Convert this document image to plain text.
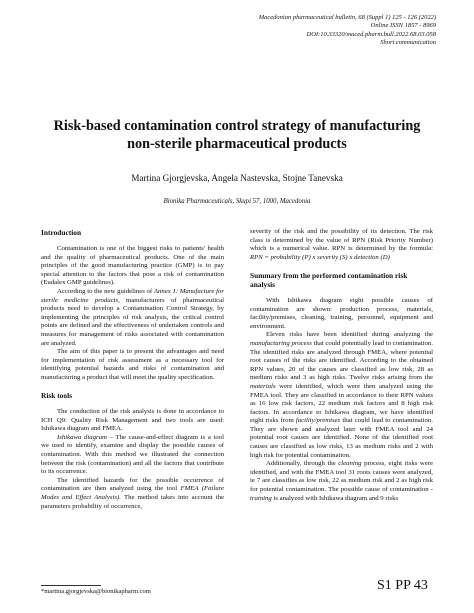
Macedonian pharmaceutical bulletin, 68 (Suppl 1) 125 - 126 (2022)
Online ISSN 1857 - 8969
DOI:10.33320/maced.pharm.bull.2022.68.03.058
Short communication
Risk-based contamination control strategy of manufacturing
non-sterile pharmaceutical products
Martina Gjorgjevska, Angela Nastevska, Stojne Tanevska
Bionika Pharmaceuticals, Skupi 57, 1000, Macedonia
Introduction

Contamination is one of the biggest risks to patients' health and the quality of pharmaceutical products. One of the main principles of the good manufacturing practice (GMP) is to pay special attention to the factors that pose a risk of contamination (Eudalex GMP guidelines).

According to the new guidelines of Annex 1: Manufacture for sterile medicine products, manufacturers of pharmaceutical products need to develop a Contamination Control Strategy, by implementing the principles of risk analysis, the critical control points are defined and the effectiveness of undertaken controls and measures for management of risks associated with contamination are analyzed.

The aim of this paper is to present the advantages and need for implementation of risk assessment as a necessary tool for identifying potential hazards and risks of contamination and manufacturing a product that will meet the quality specification.

Risk tools

The conduction of the risk analysis is done in accordance to ICH Q9: Quality Risk Management and two tools are used: Ishikawa diagram and FMEA.

Ishikawa diagram – The cause-and-effect diagram is a tool we used to identify, examine and display the possible causes of contamination. With this method we illustrated the connection between the risk (contamination) and all the factors that contribute to its occurrence.

The identified hazards for the possible occurrence of contamination are then analyzed using the tool FMEA (Failure Modes and Effect Analysis). The method takes into account the parameters probability of occurrence,

severity of the risk and the possibility of its detection. The risk class is determined by the value of RPN (Risk Priority Number) which is a numerical value. RPN is determined by the formula: RPN = probability (P) x severity (S) x detection (D)

Summary from the performed contamination risk analysis

With Ishikawa diagram eight possible causes of contamination are shown: production process, materials, facility/premises, cleaning, training, personnel, equipment and environment.

Eleven risks have been identified during analyzing the manufacturing process that could potentially lead to contamination. The identified risks are analyzed through FMEA, where potential root causes of the risks are identified. According to the obtained RPN values, 20 of the causes are classified as low risk, 28 as medium risks and 3 as high risks. Twelve risks arising from the materials were identified, which were then analyzed using the FMEA tool. They are classified in accordance to their RPN values as 16 low risk factors, 22 medium risk factors and 8 high risk factors. In accordance to Ishikawa diagram, we have identified eight risks from facility/premises that could lead to contamination. They are shown and analyzed later with FMEA tool and 24 potential root causes are identified. None of the identified root causes are classified as low risks, 13 as medium risks and 2 with high risk for potential contamination.

Additionally, through the cleaning process, eight risks were identified, and with the FMEA tool 31 roots causes were analyzed, ie 7 are classifies as low risk, 22 as medium risk and 2 as high risk for potential contamination. The possible cause of contamination - training is analyzed with Ishikawa diagram and 9 risks

*martina.gjorgjevska@bionikapharm.com	S1 PP 43
